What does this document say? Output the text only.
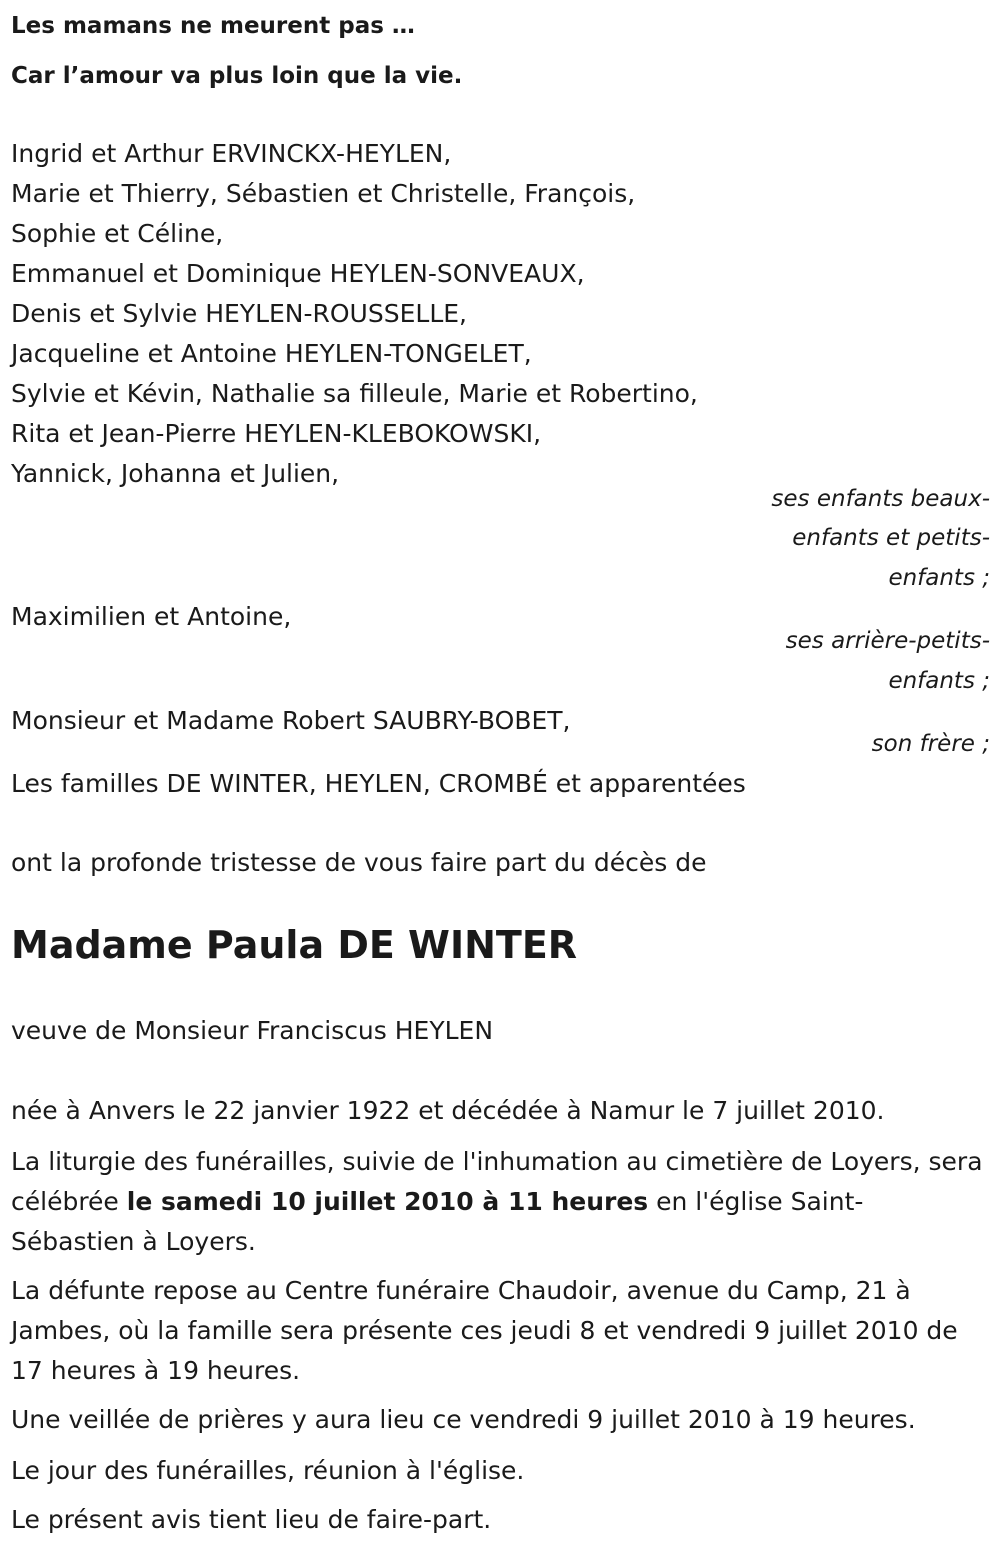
Les mamans ne meurent pas …
Car l’amour va plus loin que la vie.
Ingrid et Arthur ERVINCKX-HEYLEN,
Marie et Thierry, Sébastien et Christelle, François,
Sophie et Céline,
Emmanuel et Dominique HEYLEN-SONVEAUX,
Denis et Sylvie HEYLEN-ROUSSELLE,
Jacqueline et Antoine HEYLEN-TONGELET,
Sylvie et Kévin, Nathalie sa filleule, Marie et Robertino,
Rita et Jean-Pierre HEYLEN-KLEBOKOWSKI,
Yannick, Johanna et Julien,
ses enfants beaux-
enfants et petits-
enfants ;
Maximilien et Antoine,
ses arrière-petits-
enfants ;
Monsieur et Madame Robert SAUBRY-BOBET,
son frère ;
Les familles DE WINTER, HEYLEN, CROMBÉ et apparentées
ont la profonde tristesse de vous faire part du décès de
Madame Paula DE WINTER
veuve de Monsieur Franciscus HEYLEN
née à Anvers le 22 janvier 1922 et décédée à Namur le 7 juillet 2010.
La liturgie des funérailles, suivie de l'inhumation au cimetière de Loyers, sera célébrée le samedi 10 juillet 2010 à 11 heures en l'église Saint-Sébastien à Loyers.
La défunte repose au Centre funéraire Chaudoir, avenue du Camp, 21 à Jambes, où la famille sera présente ces jeudi 8 et vendredi 9 juillet 2010 de 17 heures à 19 heures.
Une veillée de prières y aura lieu ce vendredi 9 juillet 2010 à 19 heures.
Le jour des funérailles, réunion à l'église.
Le présent avis tient lieu de faire-part.
